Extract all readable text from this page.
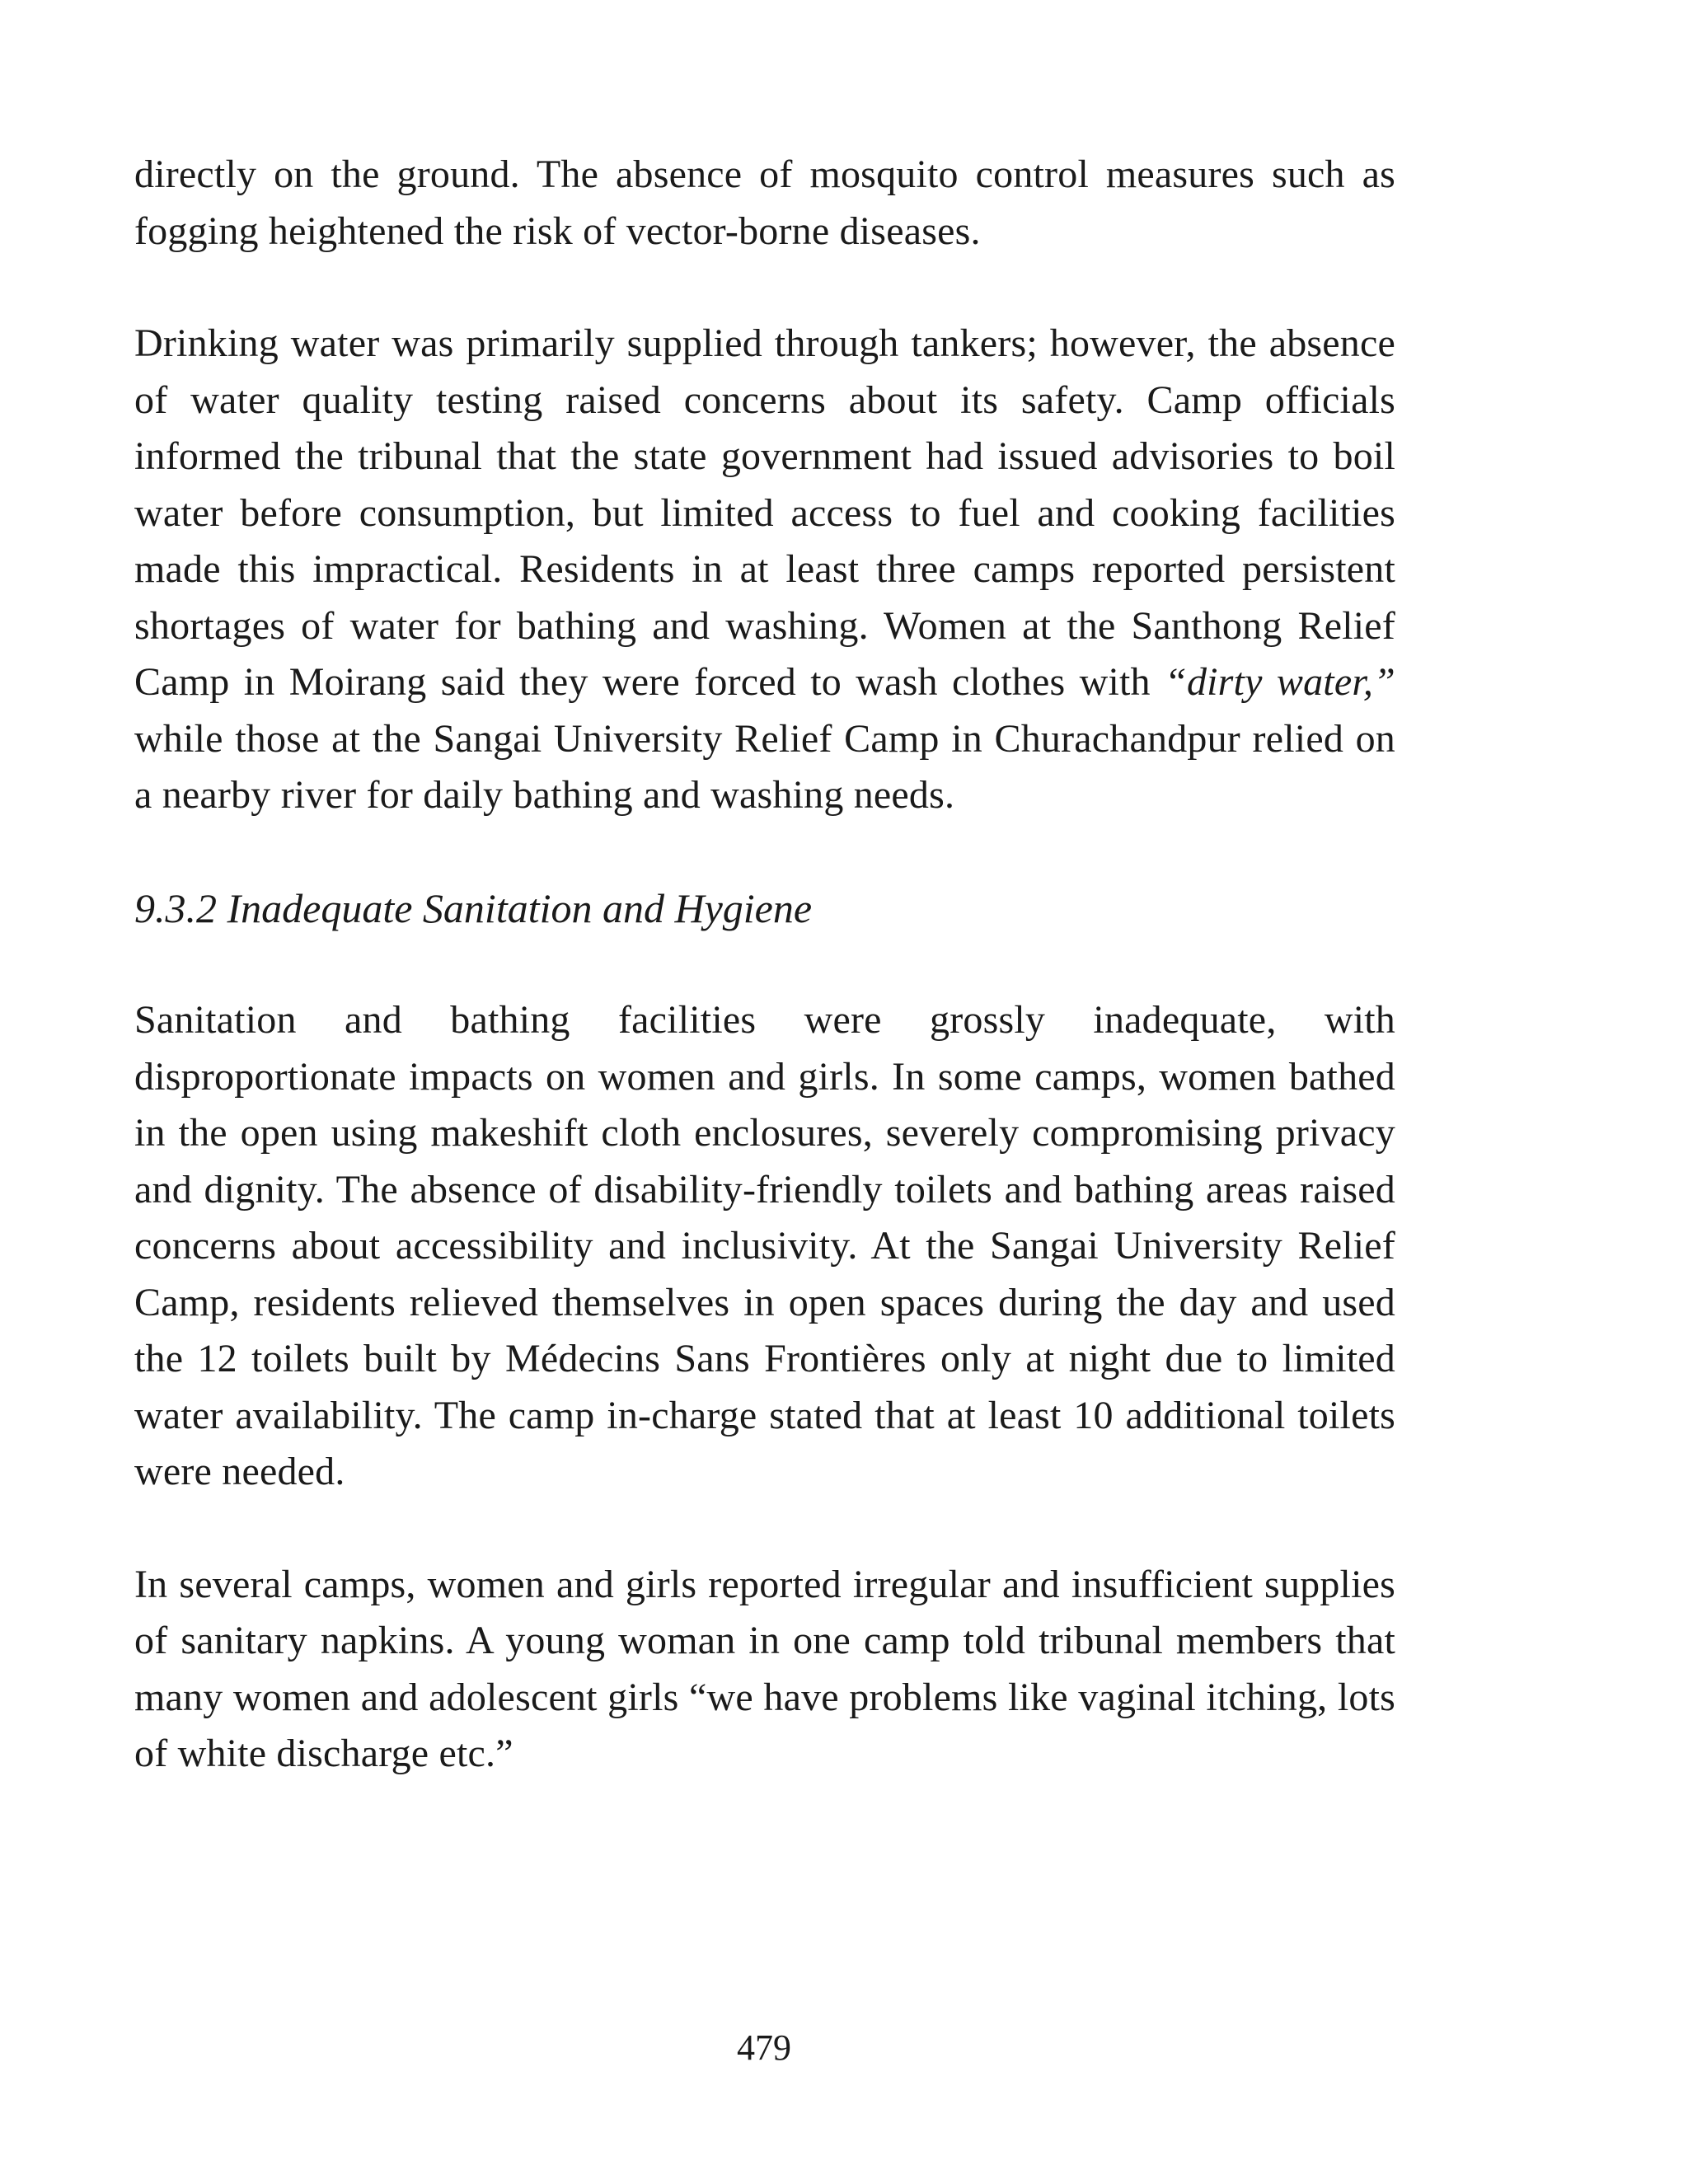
directly on the ground. The absence of mosquito control measures such as fogging heightened the risk of vector-borne diseases.

Drinking water was primarily supplied through tankers; however, the absence of water quality testing raised concerns about its safety. Camp officials informed the tribunal that the state government had issued advisories to boil water before consumption, but limited access to fuel and cooking facilities made this impractical. Residents in at least three camps reported persistent shortages of water for bathing and washing. Women at the Santhong Relief Camp in Moirang said they were forced to wash clothes with “dirty water,” while those at the Sangai University Relief Camp in Churachandpur relied on a nearby river for daily bathing and washing needs.

9.3.2 Inadequate Sanitation and Hygiene

Sanitation and bathing facilities were grossly inadequate, with disproportionate impacts on women and girls. In some camps, women bathed in the open using makeshift cloth enclosures, severely compromising privacy and dignity. The absence of disability-friendly toilets and bathing areas raised concerns about accessibility and inclusivity. At the Sangai University Relief Camp, residents relieved themselves in open spaces during the day and used the 12 toilets built by Médecins Sans Frontières only at night due to limited water availability. The camp in-charge stated that at least 10 additional toilets were needed.

In several camps, women and girls reported irregular and insufficient supplies of sanitary napkins. A young woman in one camp told tribunal members that many women and adolescent girls “we have problems like vaginal itching, lots of white discharge etc.”

479
